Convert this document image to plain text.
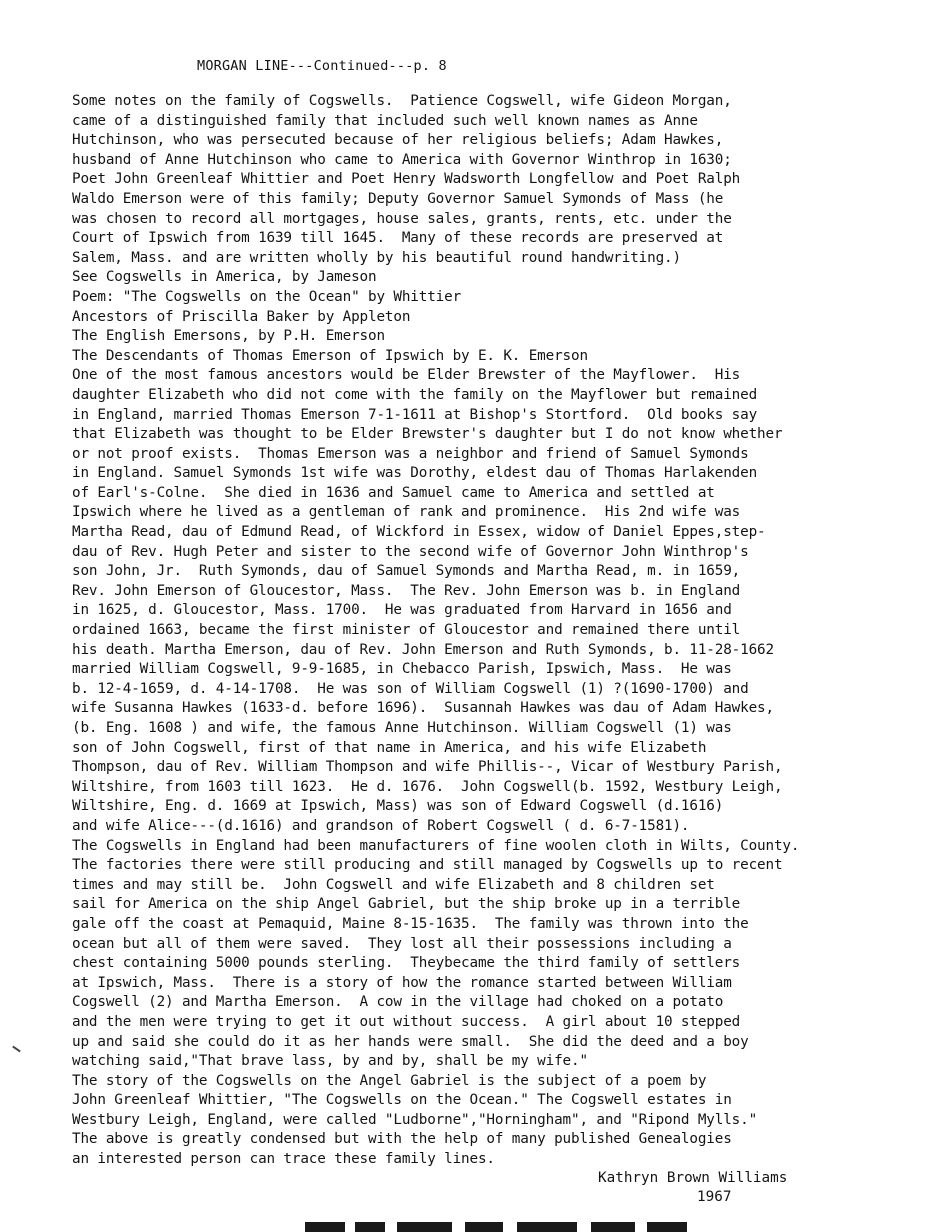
MORGAN LINE---Continued---p. 8
Some notes on the family of Cogswells.  Patience Cogswell, wife Gideon Morgan,
came of a distinguished family that included such well known names as Anne
Hutchinson, who was persecuted because of her religious beliefs; Adam Hawkes,
husband of Anne Hutchinson who came to America with Governor Winthrop in 1630;
Poet John Greenleaf Whittier and Poet Henry Wadsworth Longfellow and Poet Ralph
Waldo Emerson were of this family; Deputy Governor Samuel Symonds of Mass (he
was chosen to record all mortgages, house sales, grants, rents, etc. under the
Court of Ipswich from 1639 till 1645.  Many of these records are preserved at
Salem, Mass. and are written wholly by his beautiful round handwriting.)
See Cogswells in America, by Jameson
Poem: "The Cogswells on the Ocean" by Whittier
Ancestors of Priscilla Baker by Appleton
The English Emersons, by P.H. Emerson
The Descendants of Thomas Emerson of Ipswich by E. K. Emerson
One of the most famous ancestors would be Elder Brewster of the Mayflower.  His
daughter Elizabeth who did not come with the family on the Mayflower but remained
in England, married Thomas Emerson 7-1-1611 at Bishop's Stortford.  Old books say
that Elizabeth was thought to be Elder Brewster's daughter but I do not know whether
or not proof exists.  Thomas Emerson was a neighbor and friend of Samuel Symonds
in England. Samuel Symonds 1st wife was Dorothy, eldest dau of Thomas Harlakenden
of Earl's-Colne.  She died in 1636 and Samuel came to America and settled at
Ipswich where he lived as a gentleman of rank and prominence.  His 2nd wife was
Martha Read, dau of Edmund Read, of Wickford in Essex, widow of Daniel Eppes,step-
dau of Rev. Hugh Peter and sister to the second wife of Governor John Winthrop's
son John, Jr.  Ruth Symonds, dau of Samuel Symonds and Martha Read, m. in 1659,
Rev. John Emerson of Gloucestor, Mass.  The Rev. John Emerson was b. in England
in 1625, d. Gloucestor, Mass. 1700.  He was graduated from Harvard in 1656 and
ordained 1663, became the first minister of Gloucestor and remained there until
his death. Martha Emerson, dau of Rev. John Emerson and Ruth Symonds, b. 11-28-1662
married William Cogswell, 9-9-1685, in Chebacco Parish, Ipswich, Mass.  He was
b. 12-4-1659, d. 4-14-1708.  He was son of William Cogswell (1) ?(1690-1700) and
wife Susanna Hawkes (1633-d. before 1696).  Susannah Hawkes was dau of Adam Hawkes,
(b. Eng. 1608 ) and wife, the famous Anne Hutchinson. William Cogswell (1) was
son of John Cogswell, first of that name in America, and his wife Elizabeth
Thompson, dau of Rev. William Thompson and wife Phillis--, Vicar of Westbury Parish,
Wiltshire, from 1603 till 1623.  He d. 1676.  John Cogswell(b. 1592, Westbury Leigh,
Wiltshire, Eng. d. 1669 at Ipswich, Mass) was son of Edward Cogswell (d.1616)
and wife Alice---(d.1616) and grandson of Robert Cogswell ( d. 6-7-1581).
The Cogswells in England had been manufacturers of fine woolen cloth in Wilts, County.
The factories there were still producing and still managed by Cogswells up to recent
times and may still be.  John Cogswell and wife Elizabeth and 8 children set
sail for America on the ship Angel Gabriel, but the ship broke up in a terrible
gale off the coast at Pemaquid, Maine 8-15-1635.  The family was thrown into the
ocean but all of them were saved.  They lost all their possessions including a
chest containing 5000 pounds sterling.  Theybecame the third family of settlers
at Ipswich, Mass.  There is a story of how the romance started between William
Cogswell (2) and Martha Emerson.  A cow in the village had choked on a potato
and the men were trying to get it out without success.  A girl about 10 stepped
up and said she could do it as her hands were small.  She did the deed and a boy
watching said,"That brave lass, by and by, shall be my wife."
The story of the Cogswells on the Angel Gabriel is the subject of a poem by
John Greenleaf Whittier, "The Cogswells on the Ocean." The Cogswell estates in
Westbury Leigh, England, were called "Ludborne","Horningham", and "Ripond Mylls."
The above is greatly condensed but with the help of many published Genealogies
an interested person can trace these family lines.
Kathryn Brown Williams
1967
